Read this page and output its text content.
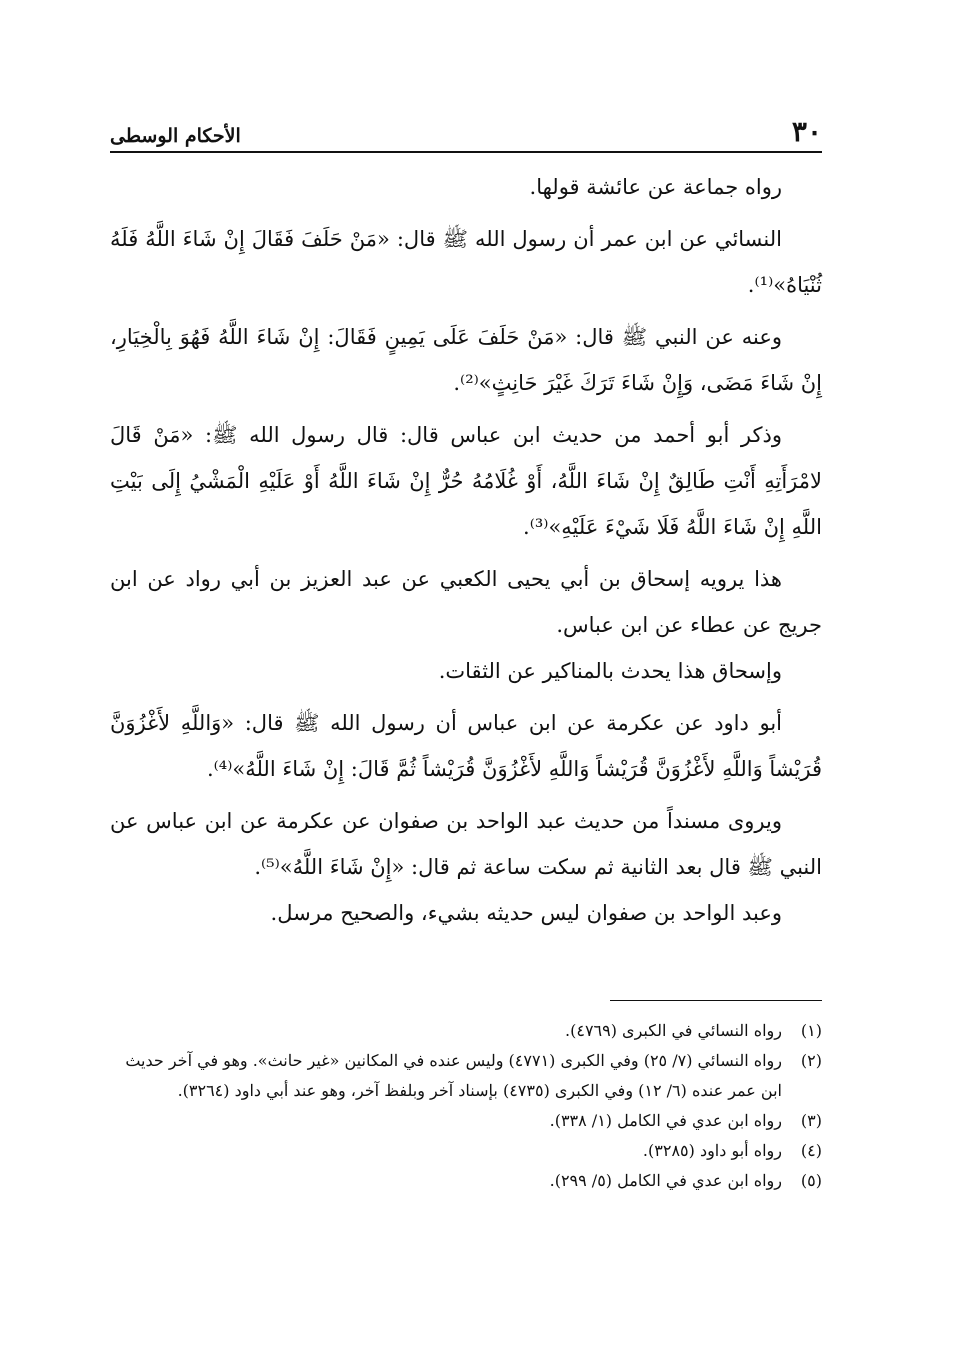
٣٠
الأحكام الوسطى

رواه جماعة عن عائشة قولها.

النسائي عن ابن عمر أن رسول الله ﷺ قال: «مَنْ حَلَفَ فَقَالَ إِنْ شَاءَ اللَّهُ فَلَهُ ثُنْيَاهُ»⁽¹⁾.

وعنه عن النبي ﷺ قال: «مَنْ حَلَفَ عَلَى يَمِينٍ فَقَالَ: إِنْ شَاءَ اللَّهُ فَهُوَ بِالْخِيَارِ، إِنْ شَاءَ مَضَى، وَإِنْ شَاءَ تَرَكَ غَيْرَ حَانِثٍ»⁽²⁾.

وذكر أبو أحمد من حديث ابن عباس قال: قال رسول الله ﷺ: «مَنْ قَالَ لامْرَأَتِهِ أَنْتِ طَالِقٌ إِنْ شَاءَ اللَّهُ، أَوْ غُلَامُهُ حُرٌّ إِنْ شَاءَ اللَّهُ أَوْ عَلَيْهِ الْمَشْيُ إِلَى بَيْتِ اللَّهِ إِنْ شَاءَ اللَّهُ فَلَا شَيْءَ عَلَيْهِ»⁽³⁾.

هذا يرويه إسحاق بن أبي يحيى الكعبي عن عبد العزيز بن أبي رواد عن ابن جريج عن عطاء عن ابن عباس.

وإسحاق هذا يحدث بالمناكير عن الثقات.

أبو داود عن عكرمة عن ابن عباس أن رسول الله ﷺ قال: «وَاللَّهِ لأَغْزُوَنَّ قُرَيْشاً وَاللَّهِ لأَغْزُوَنَّ قُرَيْشاً وَاللَّهِ لأَغْزُوَنَّ قُرَيْشاً ثُمَّ قَالَ: إِنْ شَاءَ اللَّهُ»⁽⁴⁾.

ويروى مسنداً من حديث عبد الواحد بن صفوان عن عكرمة عن ابن عباس عن النبي ﷺ قال بعد الثانية ثم سكت ساعة ثم قال: «إِنْ شَاءَ اللَّهُ»⁽⁵⁾.

وعبد الواحد بن صفوان ليس حديثه بشيء، والصحيح مرسل.

(١)
رواه النسائي في الكبرى (٤٧٦٩).
(٢)
رواه النسائي (٧/ ٢٥) وفي الكبرى (٤٧٧١) وليس عنده في المكانين «غير حانث». وهو في آخر حديث ابن عمر عنده (٦/ ١٢) وفي الكبرى (٤٧٣٥) بإسناد آخر وبلفظ آخر، وهو عند أبي داود (٣٢٦٤).
(٣)
رواه ابن عدي في الكامل (١/ ٣٣٨).
(٤)
رواه أبو داود (٣٢٨٥).
(٥)
رواه ابن عدي في الكامل (٥/ ٢٩٩).
